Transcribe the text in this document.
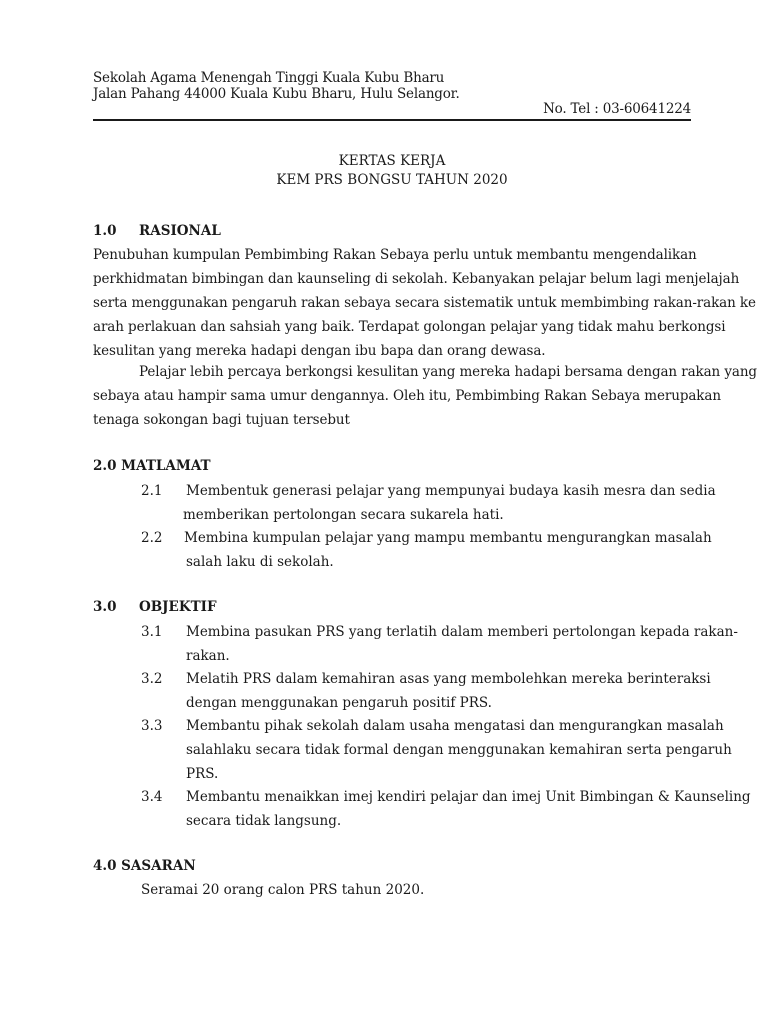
Sekolah Agama Menengah Tinggi Kuala Kubu Bharu
Jalan Pahang 44000 Kuala Kubu Bharu, Hulu Selangor.
No. Tel : 03-60641224
KERTAS KERJA
KEM PRS BONGSU TAHUN 2020
1.0 RASIONAL
Penubuhan kumpulan Pembimbing Rakan Sebaya perlu untuk membantu mengendalikan
perkhidmatan bimbingan dan kaunseling di sekolah. Kebanyakan pelajar belum lagi menjelajah
serta menggunakan pengaruh rakan sebaya secara sistematik untuk membimbing rakan-rakan ke
arah perlakuan dan sahsiah yang baik. Terdapat golongan pelajar yang tidak mahu berkongsi
kesulitan yang mereka hadapi dengan ibu bapa dan orang dewasa.
Pelajar lebih percaya berkongsi kesulitan yang mereka hadapi bersama dengan rakan yang
sebaya atau hampir sama umur dengannya. Oleh itu, Pembimbing Rakan Sebaya merupakan
tenaga sokongan bagi tujuan tersebut
2.0 MATLAMAT
2.1 Membentuk generasi pelajar yang mempunyai budaya kasih mesra dan sedia
memberikan pertolongan secara sukarela hati.
2.2 Membina kumpulan pelajar yang mampu membantu mengurangkan masalah
salah laku di sekolah.
3.0 OBJEKTIF
3.1 Membina pasukan PRS yang terlatih dalam memberi pertolongan kepada rakan-
rakan.
3.2 Melatih PRS dalam kemahiran asas yang membolehkan mereka berinteraksi
dengan menggunakan pengaruh positif PRS.
3.3 Membantu pihak sekolah dalam usaha mengatasi dan mengurangkan masalah
salahlaku secara tidak formal dengan menggunakan kemahiran serta pengaruh
PRS.
3.4 Membantu menaikkan imej kendiri pelajar dan imej Unit Bimbingan & Kaunseling
secara tidak langsung.
4.0 SASARAN
Seramai 20 orang calon PRS tahun 2020.
